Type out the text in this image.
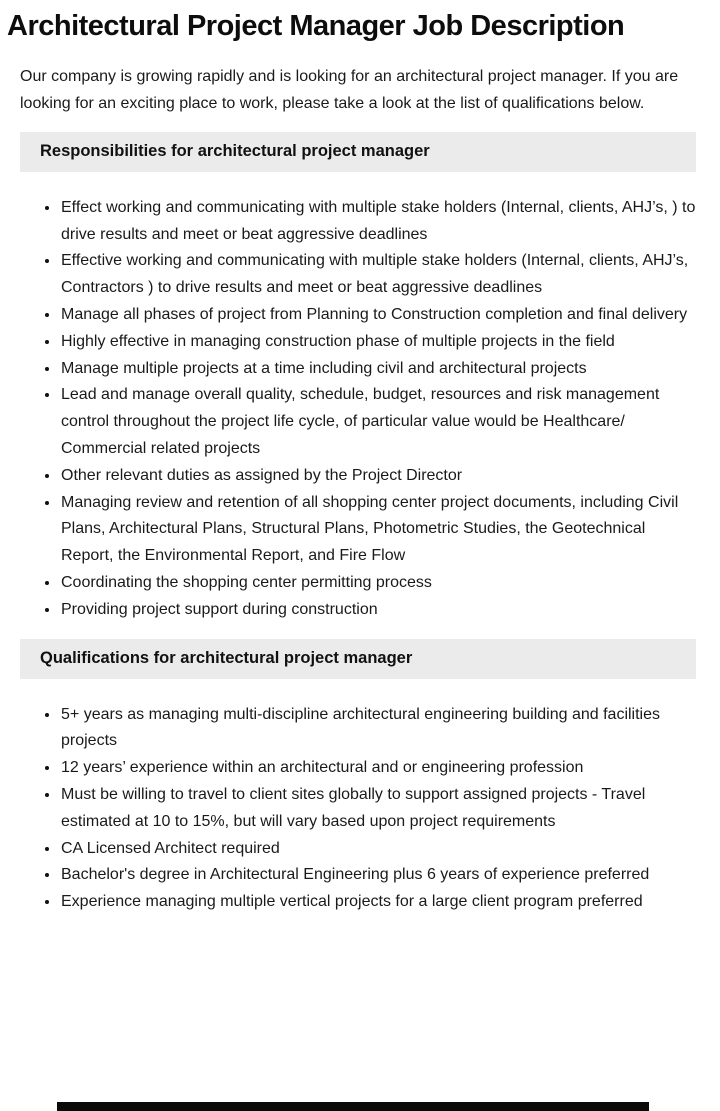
Architectural Project Manager Job Description

Our company is growing rapidly and is looking for an architectural project manager. If you are looking for an exciting place to work, please take a look at the list of qualifications below.

Responsibilities for architectural project manager
• Effect working and communicating with multiple stake holders (Internal, clients, AHJ’s, ) to drive results and meet or beat aggressive deadlines
• Effective working and communicating with multiple stake holders (Internal, clients, AHJ’s, Contractors ) to drive results and meet or beat aggressive deadlines
• Manage all phases of project from Planning to Construction completion and final delivery
• Highly effective in managing construction phase of multiple projects in the field
• Manage multiple projects at a time including civil and architectural projects
• Lead and manage overall quality, schedule, budget, resources and risk management control throughout the project life cycle, of particular value would be Healthcare/ Commercial related projects
• Other relevant duties as assigned by the Project Director
• Managing review and retention of all shopping center project documents, including Civil Plans, Architectural Plans, Structural Plans, Photometric Studies, the Geotechnical Report, the Environmental Report, and Fire Flow
• Coordinating the shopping center permitting process
• Providing project support during construction
Qualifications for architectural project manager
• 5+ years as managing multi-discipline architectural engineering building and facilities projects
• 12 years’ experience within an architectural and or engineering profession
• Must be willing to travel to client sites globally to support assigned projects - Travel estimated at 10 to 15%, but will vary based upon project requirements
• CA Licensed Architect required
• Bachelor's degree in Architectural Engineering plus 6 years of experience preferred
• Experience managing multiple vertical projects for a large client program preferred
